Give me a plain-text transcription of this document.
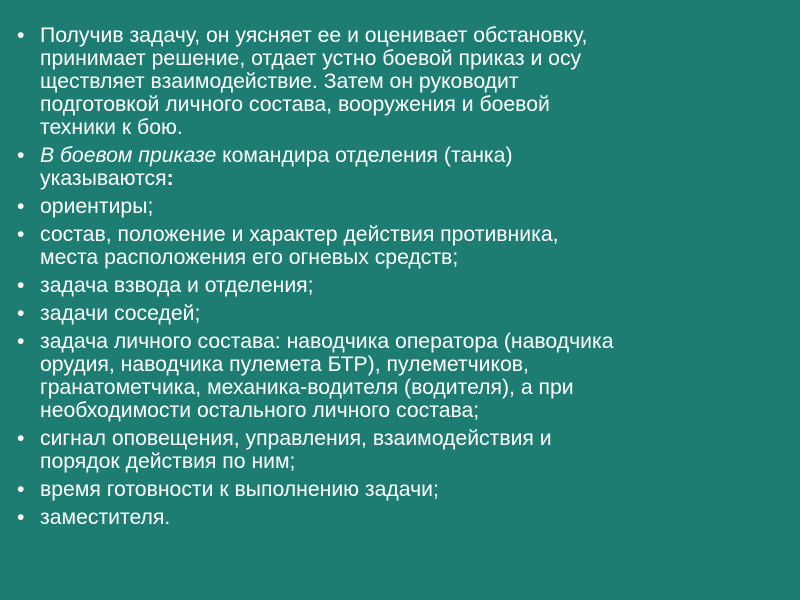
• Получив задачу, он уясняет ее и оценивает обстановку,
принимает решение, отдает устно боевой приказ и осу
ществляет взаимодействие. Затем он руководит
подготовкой личного состава, вооружения и боевой
техники к бою.
• В боевом приказе командира отделения (танка)
указываются:
• ориентиры;
• состав, положение и характер действия противника,
места расположения его огневых средств;
• задача взвода и отделения;
• задачи соседей;
• задача личного состава: наводчика оператора (наводчика
орудия, наводчика пулемета БТР), пулеметчиков,
гранатометчика, механика-водителя (водителя), а при
необходимости остального личного состава;
• сигнал оповещения, управления, взаимодействия и
порядок действия по ним;
• время готовности к выполнению задачи;
• заместителя.
